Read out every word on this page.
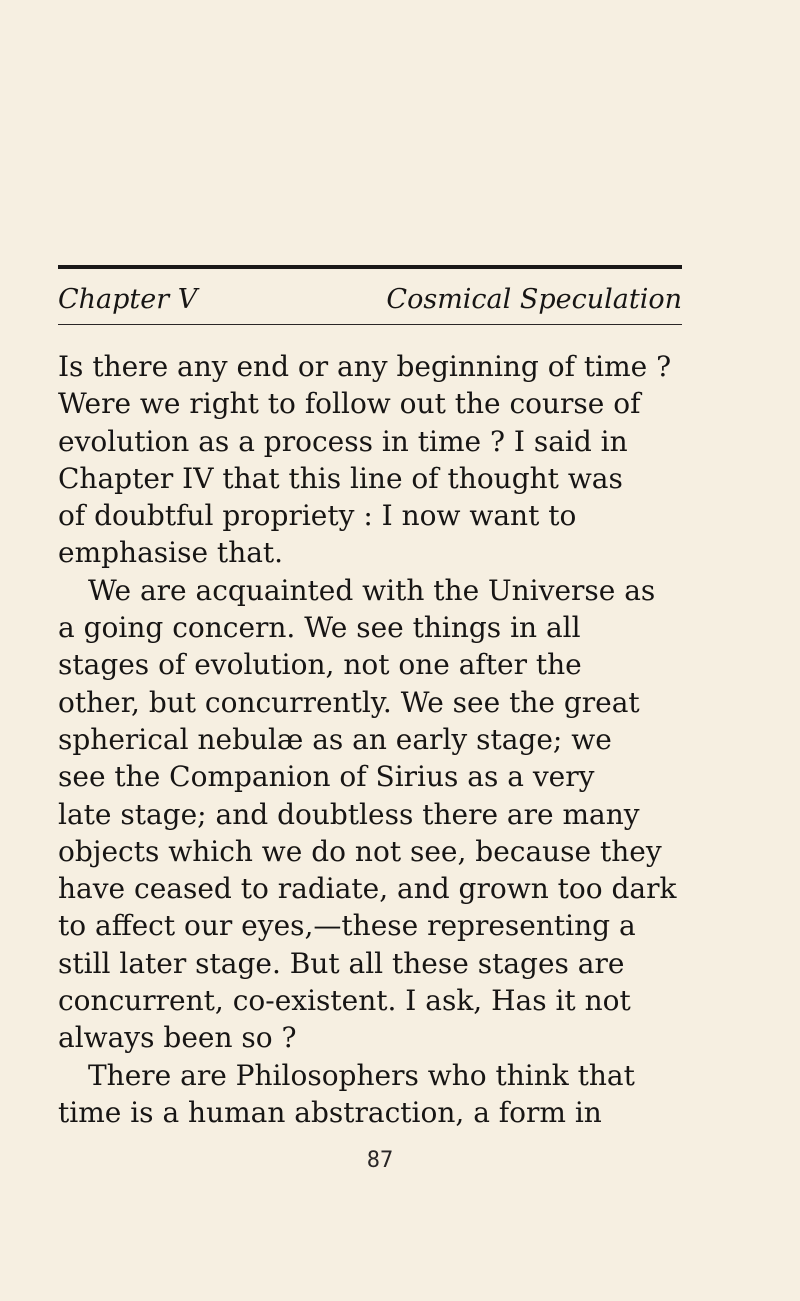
Chapter V	Cosmical Speculation
Is there any end or any beginning of time ?
Were we right to follow out the course of
evolution as a process in time ? I said in
Chapter IV that this line of thought was
of doubtful propriety : I now want to
emphasise that.
We are acquainted with the Universe as
a going concern. We see things in all
stages of evolution, not one after the
other, but concurrently. We see the great
spherical nebulæ as an early stage; we
see the Companion of Sirius as a very
late stage; and doubtless there are many
objects which we do not see, because they
have ceased to radiate, and grown too dark
to affect our eyes,—these representing a
still later stage. But all these stages are
concurrent, co-existent. I ask, Has it not
always been so ?
There are Philosophers who think that
time is a human abstraction, a form in
87
